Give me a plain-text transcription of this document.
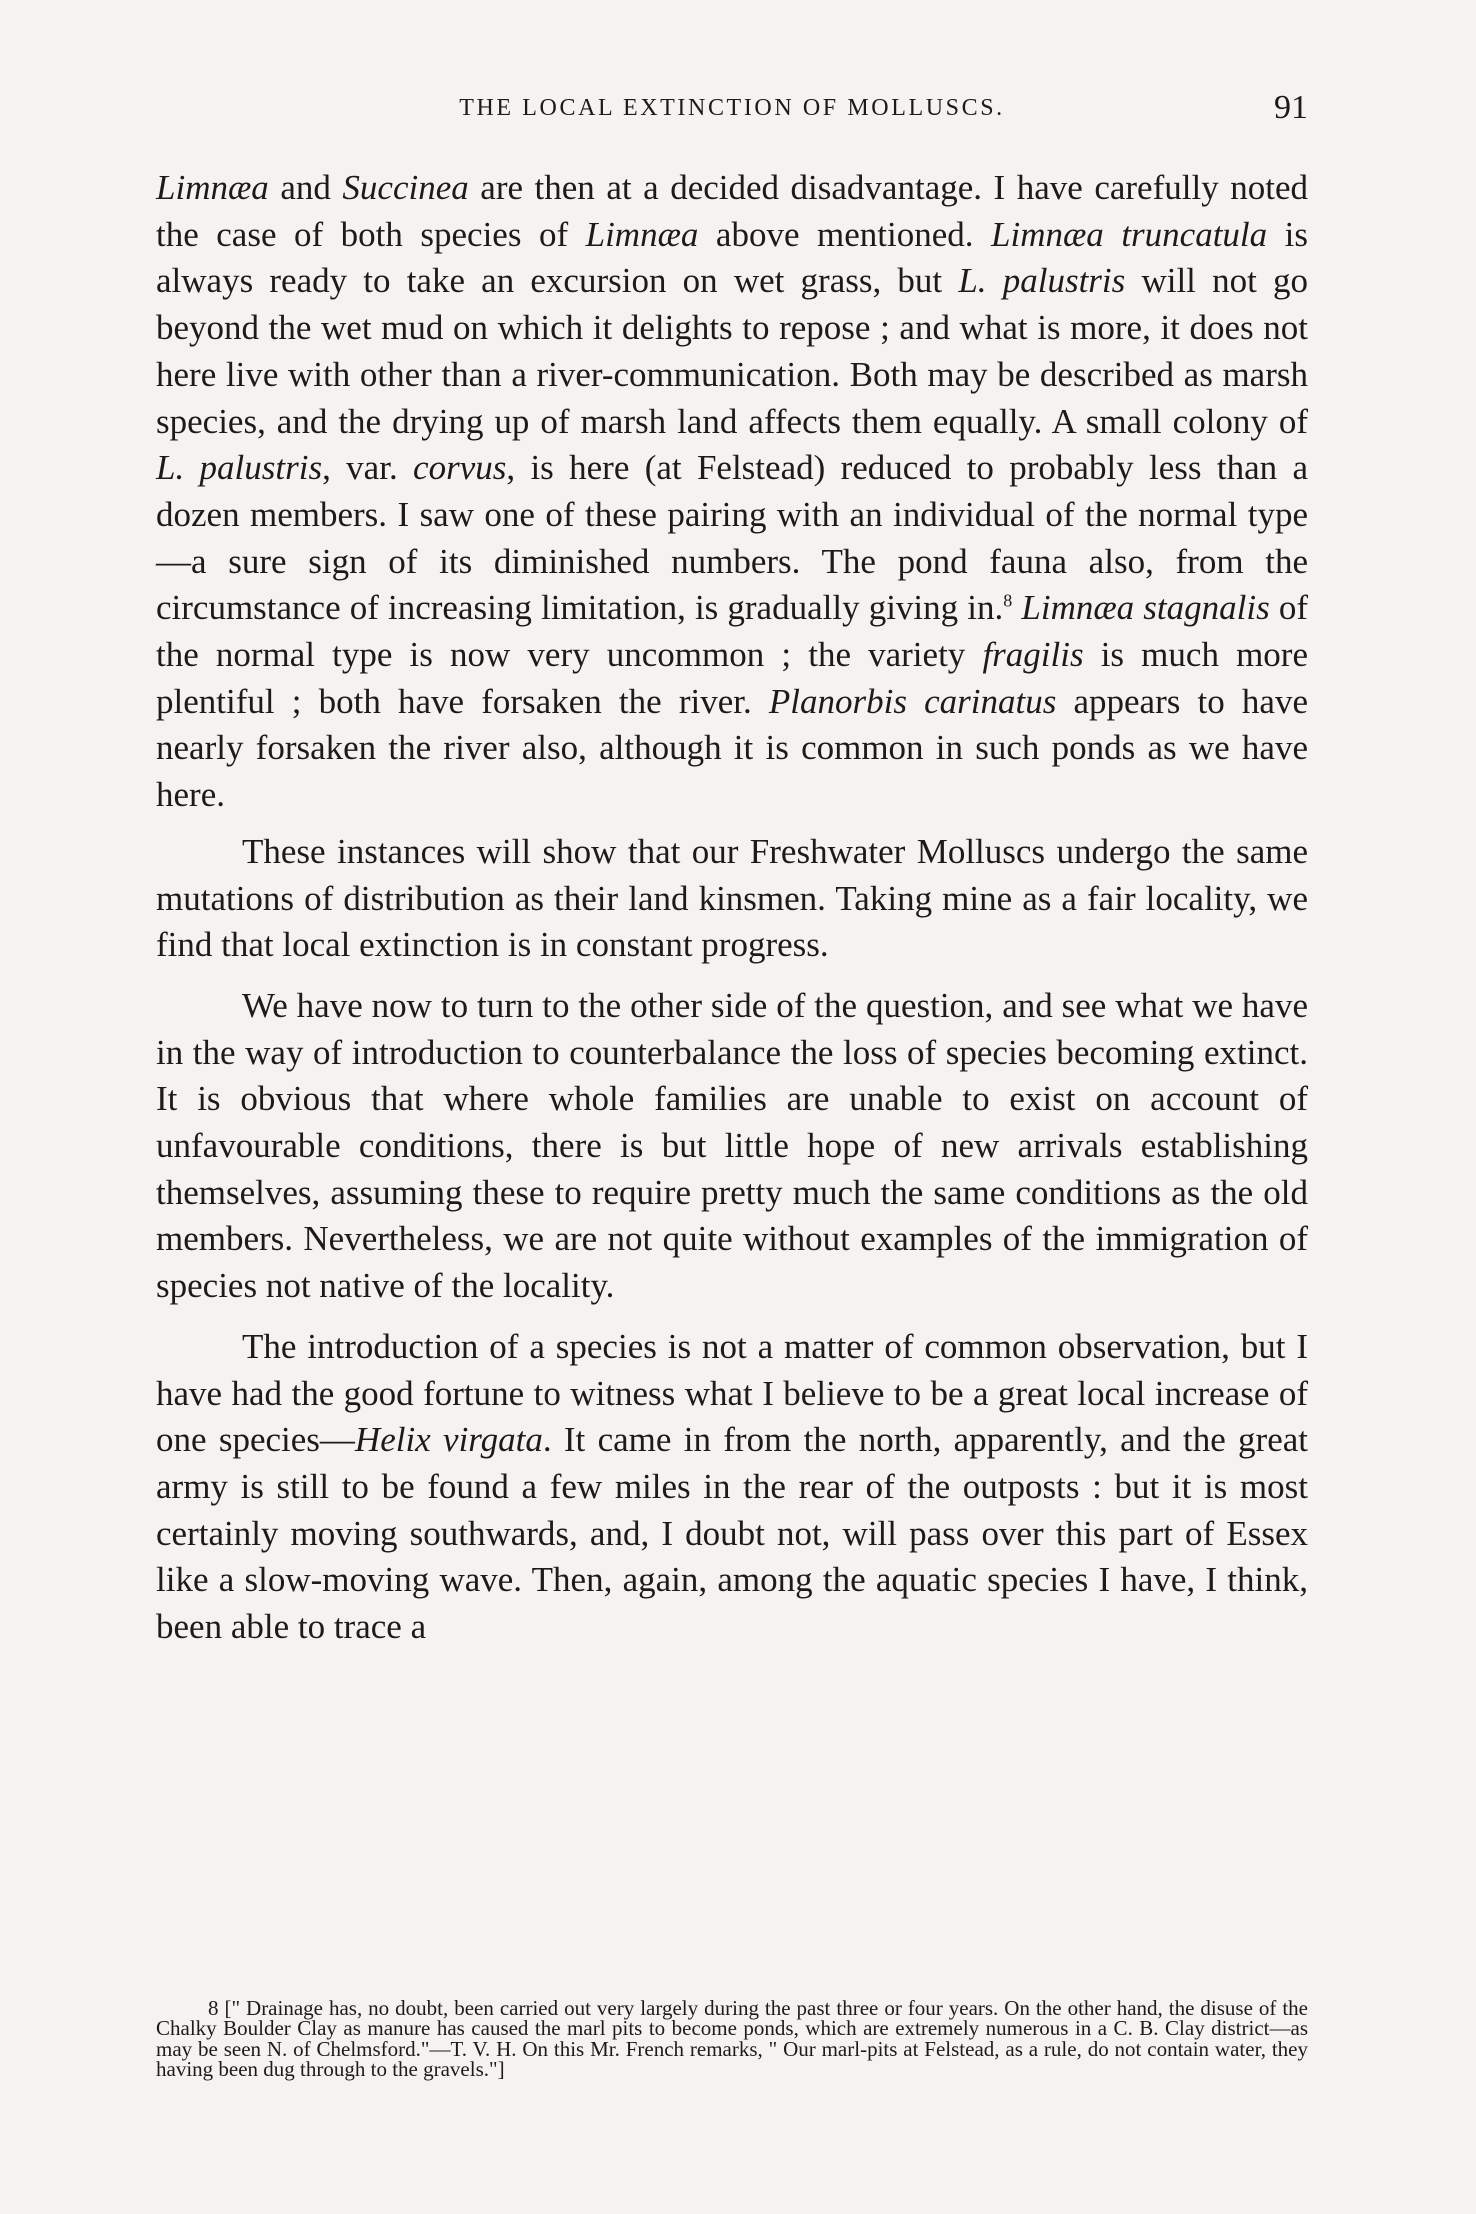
THE LOCAL EXTINCTION OF MOLLUSCS.	91

Limnæa and Succinea are then at a decided disadvantage. I have carefully noted the case of both species of Limnæa above mentioned. Limnæa truncatula is always ready to take an excursion on wet grass, but L. palustris will not go beyond the wet mud on which it delights to repose ; and what is more, it does not here live with other than a river-communication. Both may be described as marsh species, and the drying up of marsh land affects them equally. A small colony of L. palustris, var. corvus, is here (at Felstead) reduced to probably less than a dozen members. I saw one of these pairing with an individual of the normal type—a sure sign of its diminished numbers. The pond fauna also, from the circumstance of increasing limitation, is gradually giving in.$^8$ Limnæa stagnalis of the normal type is now very uncommon ; the variety fragilis is much more plentiful ; both have forsaken the river. Planorbis carinatus appears to have nearly forsaken the river also, although it is common in such ponds as we have here.

These instances will show that our Freshwater Molluscs undergo the same mutations of distribution as their land kinsmen. Taking mine as a fair locality, we find that local extinction is in constant progress.

We have now to turn to the other side of the question, and see what we have in the way of introduction to counterbalance the loss of species becoming extinct. It is obvious that where whole families are unable to exist on account of unfavourable conditions, there is but little hope of new arrivals establishing themselves, assuming these to require pretty much the same conditions as the old members. Nevertheless, we are not quite without examples of the immigration of species not native of the locality.

The introduction of a species is not a matter of common observation, but I have had the good fortune to witness what I believe to be a great local increase of one species—Helix virgata. It came in from the north, apparently, and the great army is still to be found a few miles in the rear of the outposts : but it is most certainly moving southwards, and, I doubt not, will pass over this part of Essex like a slow-moving wave. Then, again, among the aquatic species I have, I think, been able to trace a

8 [" Drainage has, no doubt, been carried out very largely during the past three or four years. On the other hand, the disuse of the Chalky Boulder Clay as manure has caused the marl pits to become ponds, which are extremely numerous in a C. B. Clay district—as may be seen N. of Chelmsford."—T. V. H. On this Mr. French remarks, " Our marl-pits at Felstead, as a rule, do not contain water, they having been dug through to the gravels."]
